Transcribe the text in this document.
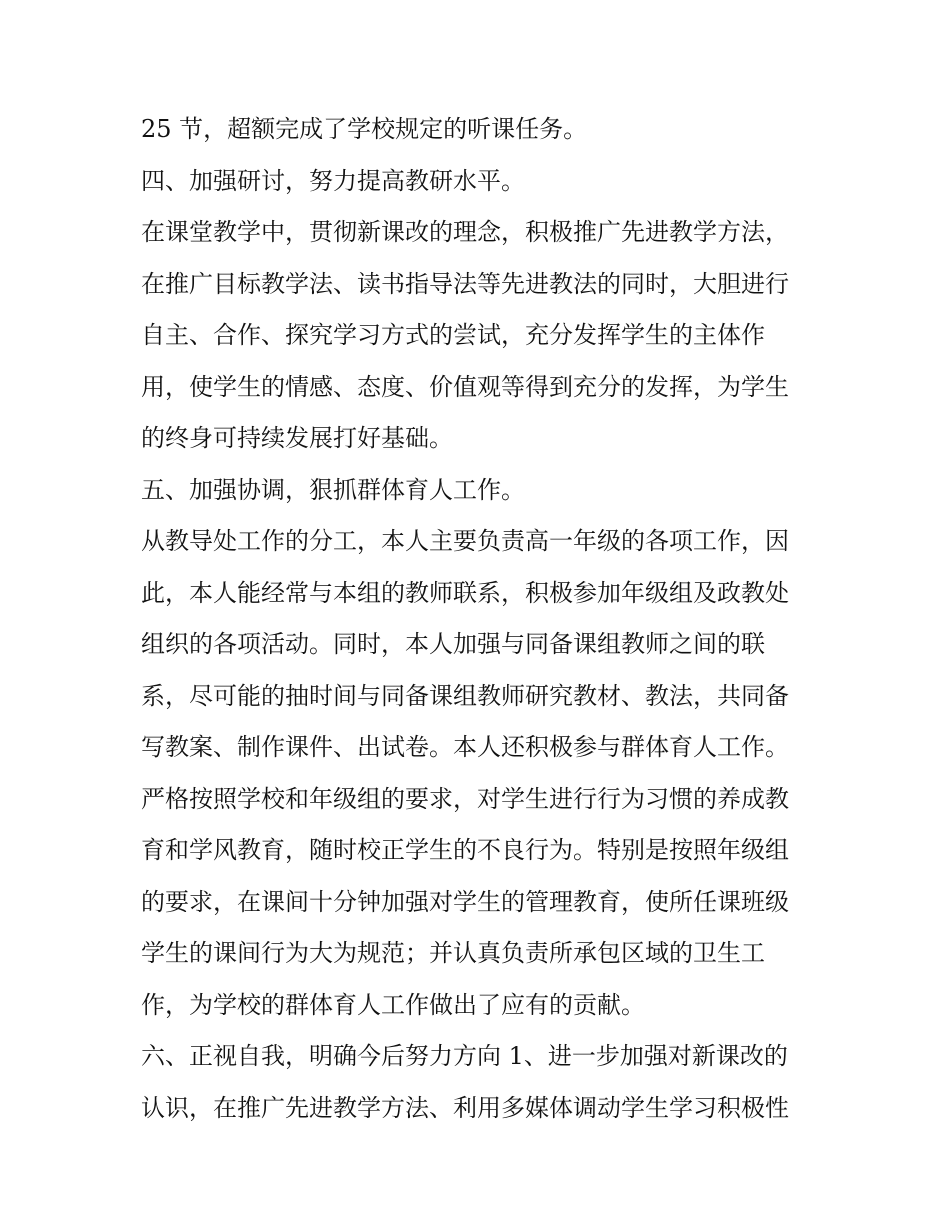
25 节，超额完成了学校规定的听课任务。

四、加强研讨，努力提高教研水平。

在课堂教学中，贯彻新课改的理念，积极推广先进教学方法，

在推广目标教学法、读书指导法等先进教法的同时，大胆进行

自主、合作、探究学习方式的尝试，充分发挥学生的主体作

用，使学生的情感、态度、价值观等得到充分的发挥，为学生

的终身可持续发展打好基础。

五、加强协调，狠抓群体育人工作。

从教导处工作的分工，本人主要负责高一年级的各项工作，因

此，本人能经常与本组的教师联系，积极参加年级组及政教处

组织的各项活动。同时，本人加强与同备课组教师之间的联

系，尽可能的抽时间与同备课组教师研究教材、教法，共同备

写教案、制作课件、出试卷。本人还积极参与群体育人工作。

严格按照学校和年级组的要求，对学生进行行为习惯的养成教

育和学风教育，随时校正学生的不良行为。特别是按照年级组

的要求，在课间十分钟加强对学生的管理教育，使所任课班级

学生的课间行为大为规范；并认真负责所承包区域的卫生工

作，为学校的群体育人工作做出了应有的贡献。

六、正视自我，明确今后努力方向 1、进一步加强对新课改的

认识，在推广先进教学方法、利用多媒体调动学生学习积极性
